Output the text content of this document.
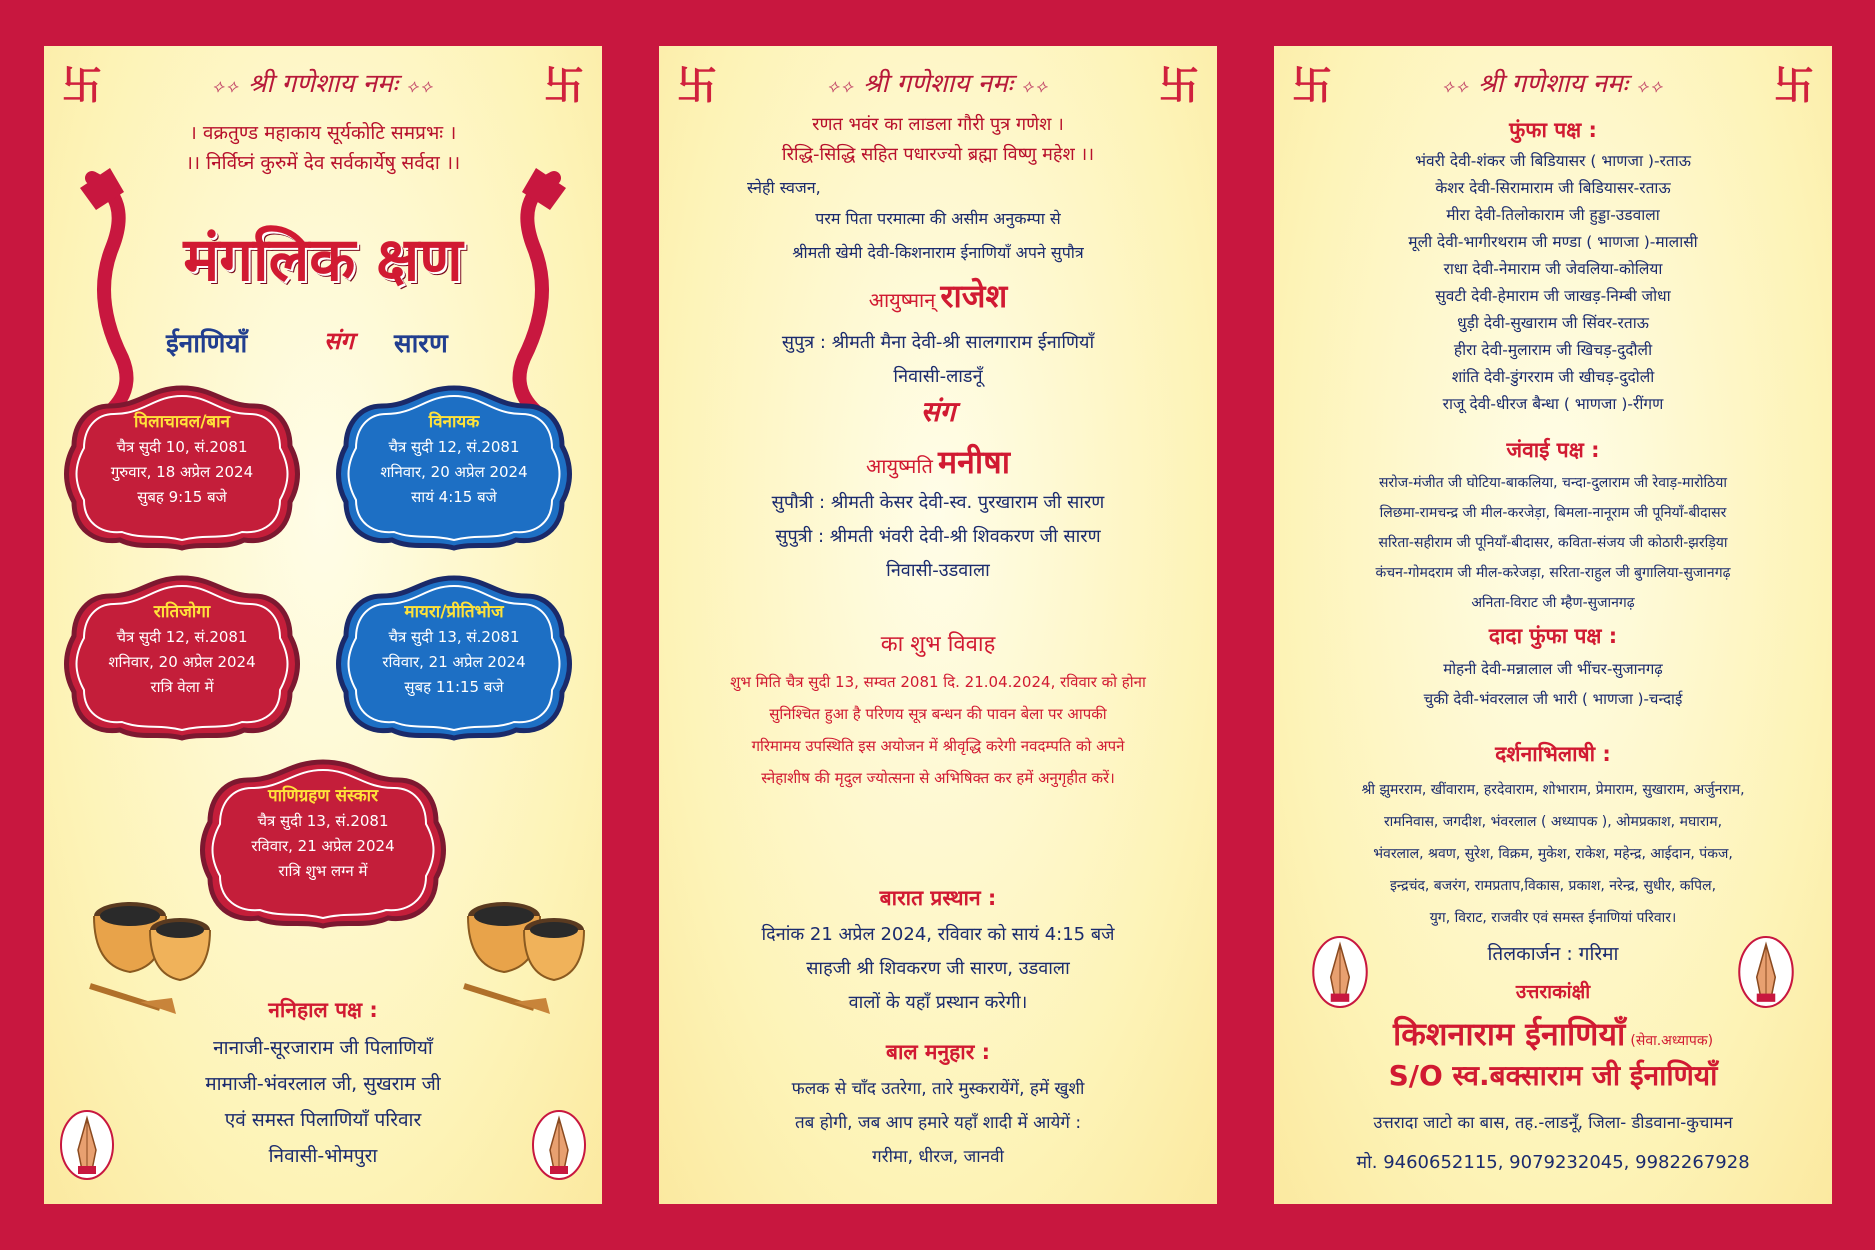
卐	卐
⟡⟡ श्री गणेशाय नमः ⟡⟡
। वक्रतुण्ड महाकाय सूर्यकोटि समप्रभः ।
।। निर्विघ्नं कुरुमें देव सर्वकार्येषु सर्वदा ।।
मंगलिक क्षण
ईनाणियाँ	संग सारण
पिलाचावल/बान
चैत्र सुदी 10, सं.2081
गुरुवार, 18 अप्रेल 2024
सुबह 9:15 बजे
विनायक
चैत्र सुदी 12, सं.2081
शनिवार, 20 अप्रेल 2024
सायं 4:15 बजे
रातिजोगा
चैत्र सुदी 12, सं.2081
शनिवार, 20 अप्रेल 2024
रात्रि वेला में
मायरा/प्रीतिभोज
चैत्र सुदी 13, सं.2081
रविवार, 21 अप्रेल 2024
सुबह 11:15 बजे
पाणिग्रहण संस्कार
चैत्र सुदी 13, सं.2081
रविवार, 21 अप्रेल 2024
रात्रि शुभ लग्न में
ननिहाल पक्ष :
नानाजी-सूरजाराम जी पिलाणियाँ
मामाजी-भंवरलाल जी, सुखराम जी
एवं समस्त पिलाणियाँ परिवार
निवासी-भोमपुरा
卐	卐
⟡⟡ श्री गणेशाय नमः ⟡⟡
रणत भवंर का लाडला गौरी पुत्र गणेश ।
रिद्धि-सिद्धि सहित पधारज्यो ब्रह्मा विष्णु महेश ।।
स्नेही स्वजन,
परम पिता परमात्मा की असीम अनुकम्पा से
श्रीमती खेमी देवी-किशनाराम ईनाणियाँ अपने सुपौत्र
आयुष्मान् राजेश
सुपुत्र : श्रीमती मैना देवी-श्री सालगाराम ईनाणियाँ
निवासी-लाडनूँ
संग
आयुष्मति मनीषा
सुपौत्री : श्रीमती केसर देवी-स्व. पुरखाराम जी सारण
सुपुत्री : श्रीमती भंवरी देवी-श्री शिवकरण जी सारण
निवासी-उडवाला
का शुभ विवाह
शुभ मिति चैत्र सुदी 13, सम्वत 2081 दि. 21.04.2024, रविवार को होना
सुनिश्चित हुआ है परिणय सूत्र बन्धन की पावन बेला पर आपकी
गरिमामय उपस्थिति इस अयोजन में श्रीवृद्धि करेगी नवदम्पति को अपने
स्नेहाशीष की मृदुल ज्योत्सना से अभिषिक्त कर हमें अनुगृहीत करें।
बारात प्रस्थान :
दिनांक 21 अप्रेल 2024, रविवार को सायं 4:15 बजे
साहजी श्री शिवकरण जी सारण, उडवाला
वालों के यहाँ प्रस्थान करेगी।
बाल मनुहार :
फलक से चाँद उतरेगा, तारे मुस्करायेंगें, हमें खुशी
तब होगी, जब आप हमारे यहाँ शादी में आयेगें :
गरीमा, धीरज, जानवी
卐	卐
⟡⟡ श्री गणेशाय नमः ⟡⟡
फुंफा पक्ष :
भंवरी देवी-शंकर जी बिडियासर ( भाणजा )-रताऊ
केशर देवी-सिरामाराम जी बिडियासर-रताऊ
मीरा देवी-तिलोकाराम जी हुड्डा-उडवाला
मूली देवी-भागीरथराम जी मण्डा ( भाणजा )-मालासी
राधा देवी-नेमाराम जी जेवलिया-कोलिया
सुवटी देवी-हेमाराम जी जाखड़-निम्बी जोधा
धुड़ी देवी-सुखाराम जी सिंवर-रताऊ
हीरा देवी-मुलाराम जी खिचड़-दुदौली
शांति देवी-डुंगरराम जी खीचड़-दुदोली
राजू देवी-धीरज बैन्धा ( भाणजा )-रींगण
जंवाई पक्ष :
सरोज-मंजीत जी घोटिया-बाकलिया, चन्दा-दुलाराम जी रेवाड़-मारोठिया
लिछमा-रामचन्द्र जी मील-करजेड़ा, बिमला-नानूराम जी पूनियाँ-बीदासर
सरिता-सहीराम जी पूनियाँ-बीदासर, कविता-संजय जी कोठारी-झरड़िया
कंचन-गोमदराम जी मील-करेजड़ा, सरिता-राहुल जी बुगालिया-सुजानगढ़
अनिता-विराट जी म्हैण-सुजानगढ़
दादा फुंफा पक्ष :
मोहनी देवी-मन्नालाल जी भींचर-सुजानगढ़
चुकी देवी-भंवरलाल जी भारी ( भाणजा )-चन्दाई
दर्शनाभिलाषी :
श्री झुमरराम, खींवाराम, हरदेवाराम, शोभाराम, प्रेमाराम, सुखाराम, अर्जुनराम,
रामनिवास, जगदीश, भंवरलाल ( अध्यापक ), ओमप्रकाश, मघाराम,
भंवरलाल, श्रवण, सुरेश, विक्रम, मुकेश, राकेश, महेन्द्र, आईदान, पंकज,
इन्द्रचंद, बजरंग, रामप्रताप,विकास, प्रकाश, नरेन्द्र, सुधीर, कपिल,
युग, विराट, राजवीर एवं समस्त ईनाणियां परिवार।
तिलकार्जन : गरिमा
उत्तराकांक्षी
किशनाराम ईनाणियाँ (सेवा.अध्यापक)
S/O स्व.बक्साराम जी ईनाणियाँ
उत्तरादा जाटो का बास, तह.-लाडनूँ, जिला- डीडवाना-कुचामन
मो. 9460652115, 9079232045, 9982267928
